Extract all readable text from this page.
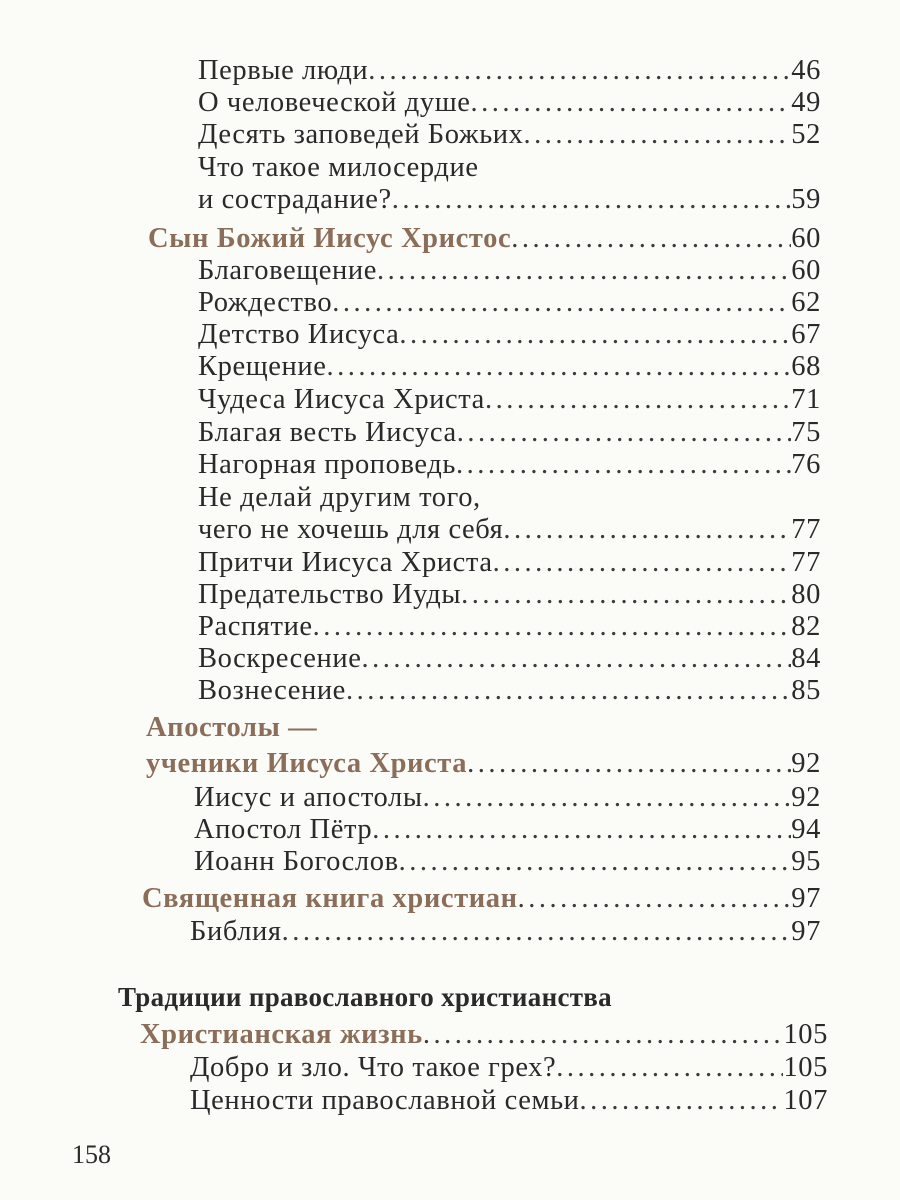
Первые люди .....	46
О человеческой душе .....	49
Десять заповедей Божьих .....	52
Что такое милосердие
и сострадание? .....	59
Сын Божий Иисус Христос .....	60
Благовещение .....	60
Рождество .....	62
Детство Иисуса .....	67
Крещение .....	68
Чудеса Иисуса Христа .....	71
Благая весть Иисуса .....	75
Нагорная проповедь .....	76
Не делай другим того,
чего не хочешь для себя .....	77
Притчи Иисуса Христа .....	77
Предательство Иуды .....	80
Распятие .....	82
Воскресение .....	84
Вознесение .....	85
Апостолы —
ученики Иисуса Христа .....	92
Иисус и апостолы .....	92
Апостол Пётр .....	94
Иоанн Богослов .....	95
Священная книга христиан .....	97
Библия .....	97
Традиции православного христианства
Христианская жизнь .....	105
Добро и зло. Что такое грех? .....	105
Ценности православной семьи .....	107
158
